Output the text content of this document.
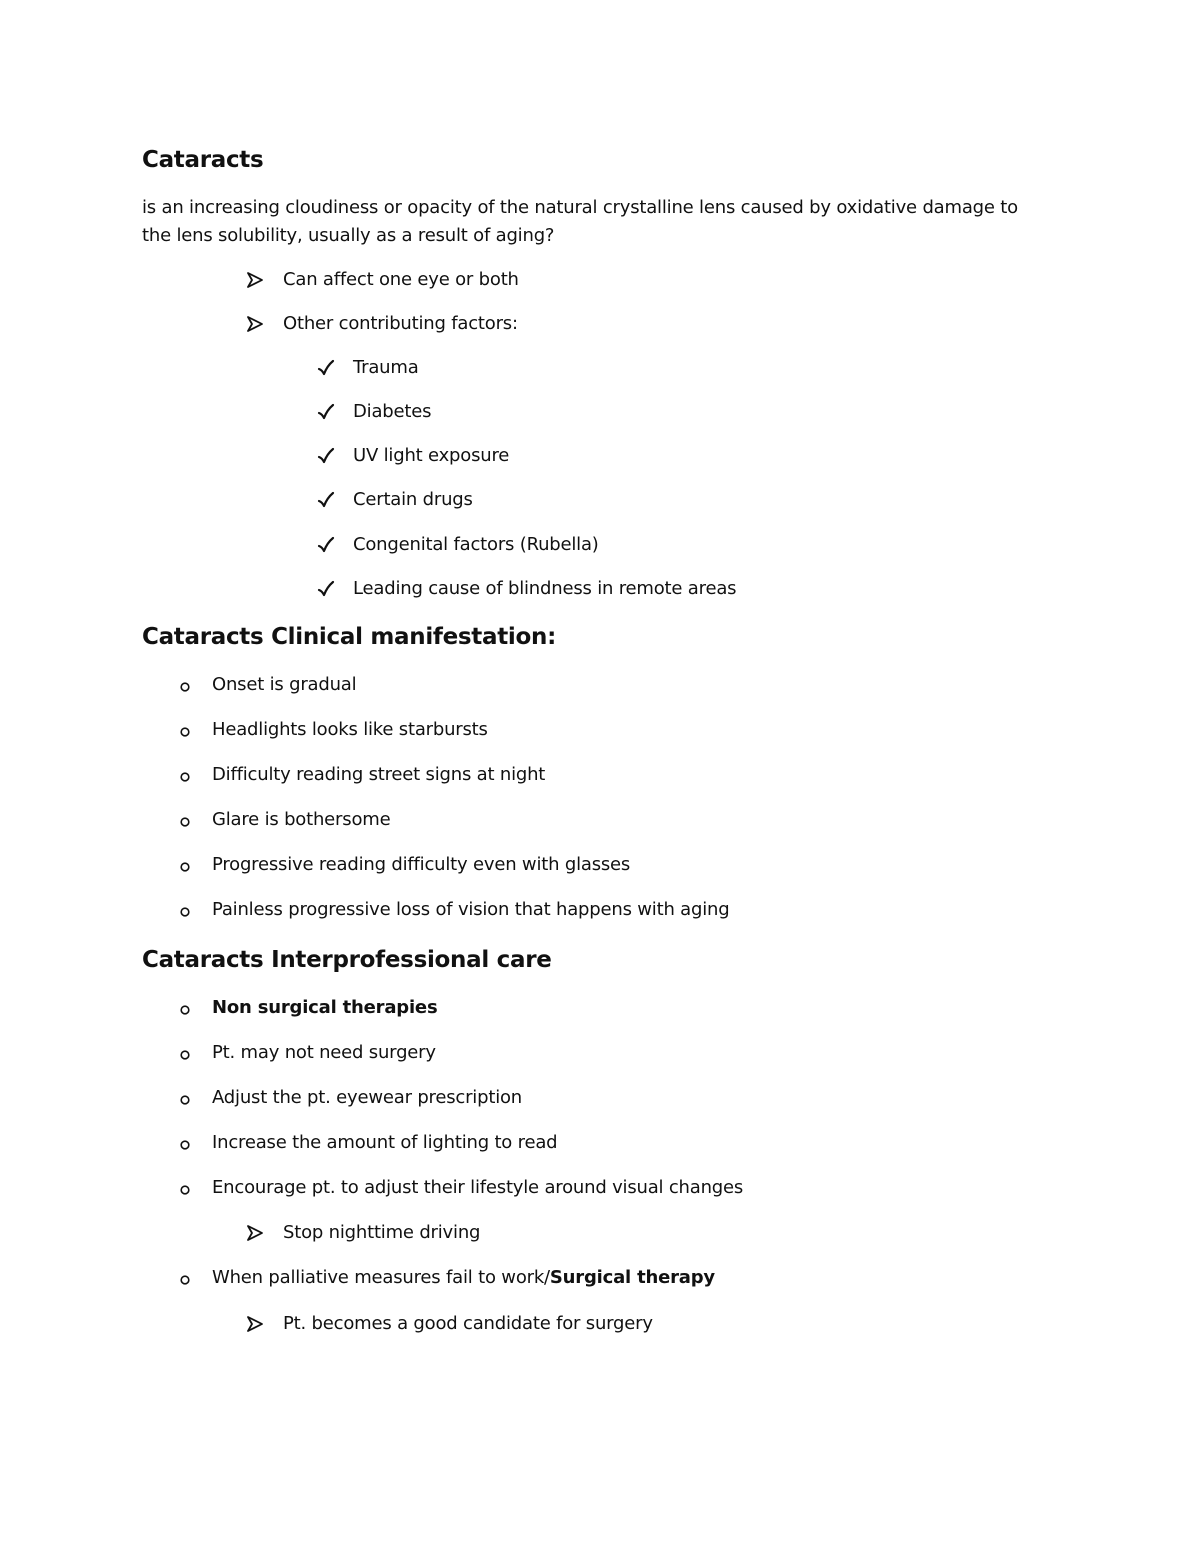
Cataracts

is an increasing cloudiness or opacity of the natural crystalline lens caused by oxidative damage to the lens solubility, usually as a result of aging?

Can affect one eye or both
Other contributing factors:
Trauma
Diabetes
UV light exposure
Certain drugs
Congenital factors (Rubella)
Leading cause of blindness in remote areas
Cataracts Clinical manifestation:
Onset is gradual
Headlights looks like starbursts
Difficulty reading street signs at night
Glare is bothersome
Progressive reading difficulty even with glasses
Painless progressive loss of vision that happens with aging
Cataracts Interprofessional care
Non surgical therapies
Pt. may not need surgery
Adjust the pt. eyewear prescription
Increase the amount of lighting to read
Encourage pt. to adjust their lifestyle around visual changes
Stop nighttime driving
When palliative measures fail to work/ Surgical therapy
Pt. becomes a good candidate for surgery
